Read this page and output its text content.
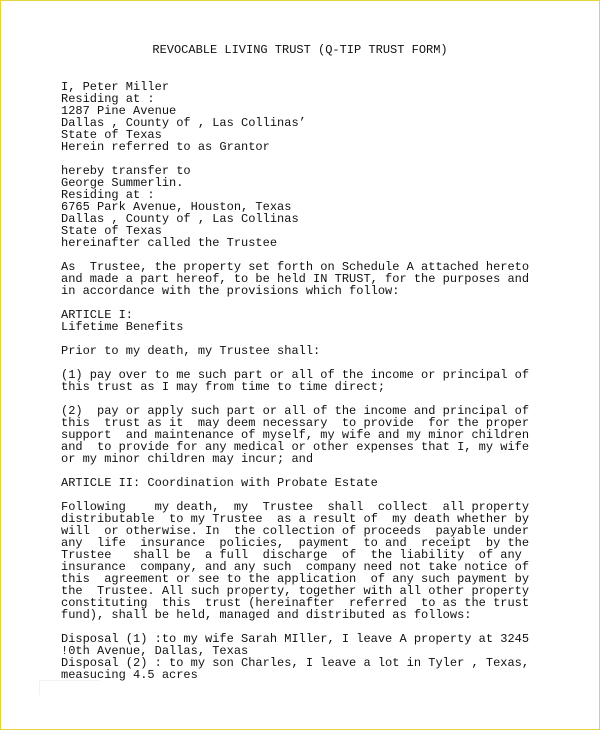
REVOCABLE LIVING TRUST (Q-TIP TRUST FORM)
I, Peter Miller
Residing at :
1287 Pine Avenue
Dallas , County of , Las Collinas’
State of Texas
Herein referred to as Grantor
hereby transfer to
George Summerlin.
Residing at :
6765 Park Avenue, Houston, Texas
Dallas , County of , Las Collinas
State of Texas
hereinafter called the Trustee
As  Trustee, the property set forth on Schedule A attached hereto
and made a part hereof, to be held IN TRUST, for the purposes and
in accordance with the provisions which follow:
ARTICLE I:
Lifetime Benefits
Prior to my death, my Trustee shall:
(1) pay over to me such part or all of the income or principal of
this trust as I may from time to time direct;
(2)  pay or apply such part or all of the income and principal of
this  trust as it  may deem necessary  to provide  for the proper
support  and maintenance of myself, my wife and my minor children
and  to provide for any medical or other expenses that I, my wife
or my minor children may incur; and
ARTICLE II: Coordination with Probate Estate
Following    my death,  my  Trustee  shall  collect  all property
distributable  to my Trustee  as a result of  my death whether by
will  or otherwise. In  the collection of proceeds  payable under
any  life  insurance  policies,  payment  to and  receipt  by the
Trustee   shall be  a full  discharge  of  the liability  of any
insurance  company, and any such  company need not take notice of
this  agreement or see to the application  of any such payment by
the  Trustee. All such property, together with all other property
constituting  this  trust (hereinafter  referred  to as the trust
fund), shall be held, managed and distributed as follows:
Disposal (1) :to my wife Sarah MIller, I leave A property at 3245
!0th Avenue, Dallas, Texas
Disposal (2) : to my son Charles, I leave a lot in Tyler , Texas,
measucing 4.5 acres
